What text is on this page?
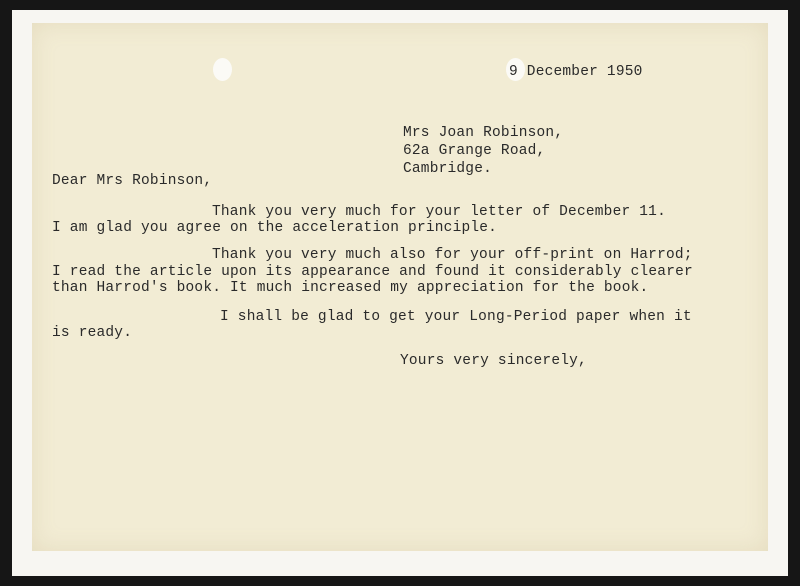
9 December 1950

Mrs Joan Robinson,

62a Grange Road,

Cambridge.

Dear Mrs Robinson,

Thank you very much for your letter of December 11.

I am glad you agree on the acceleration principle.

Thank you very much also for your off-print on Harrod;

I read the article upon its appearance and found it considerably clearer

than Harrod's book. It much increased my appreciation for the book.

I shall be glad to get your Long-Period paper when it

is ready.

Yours very sincerely,
